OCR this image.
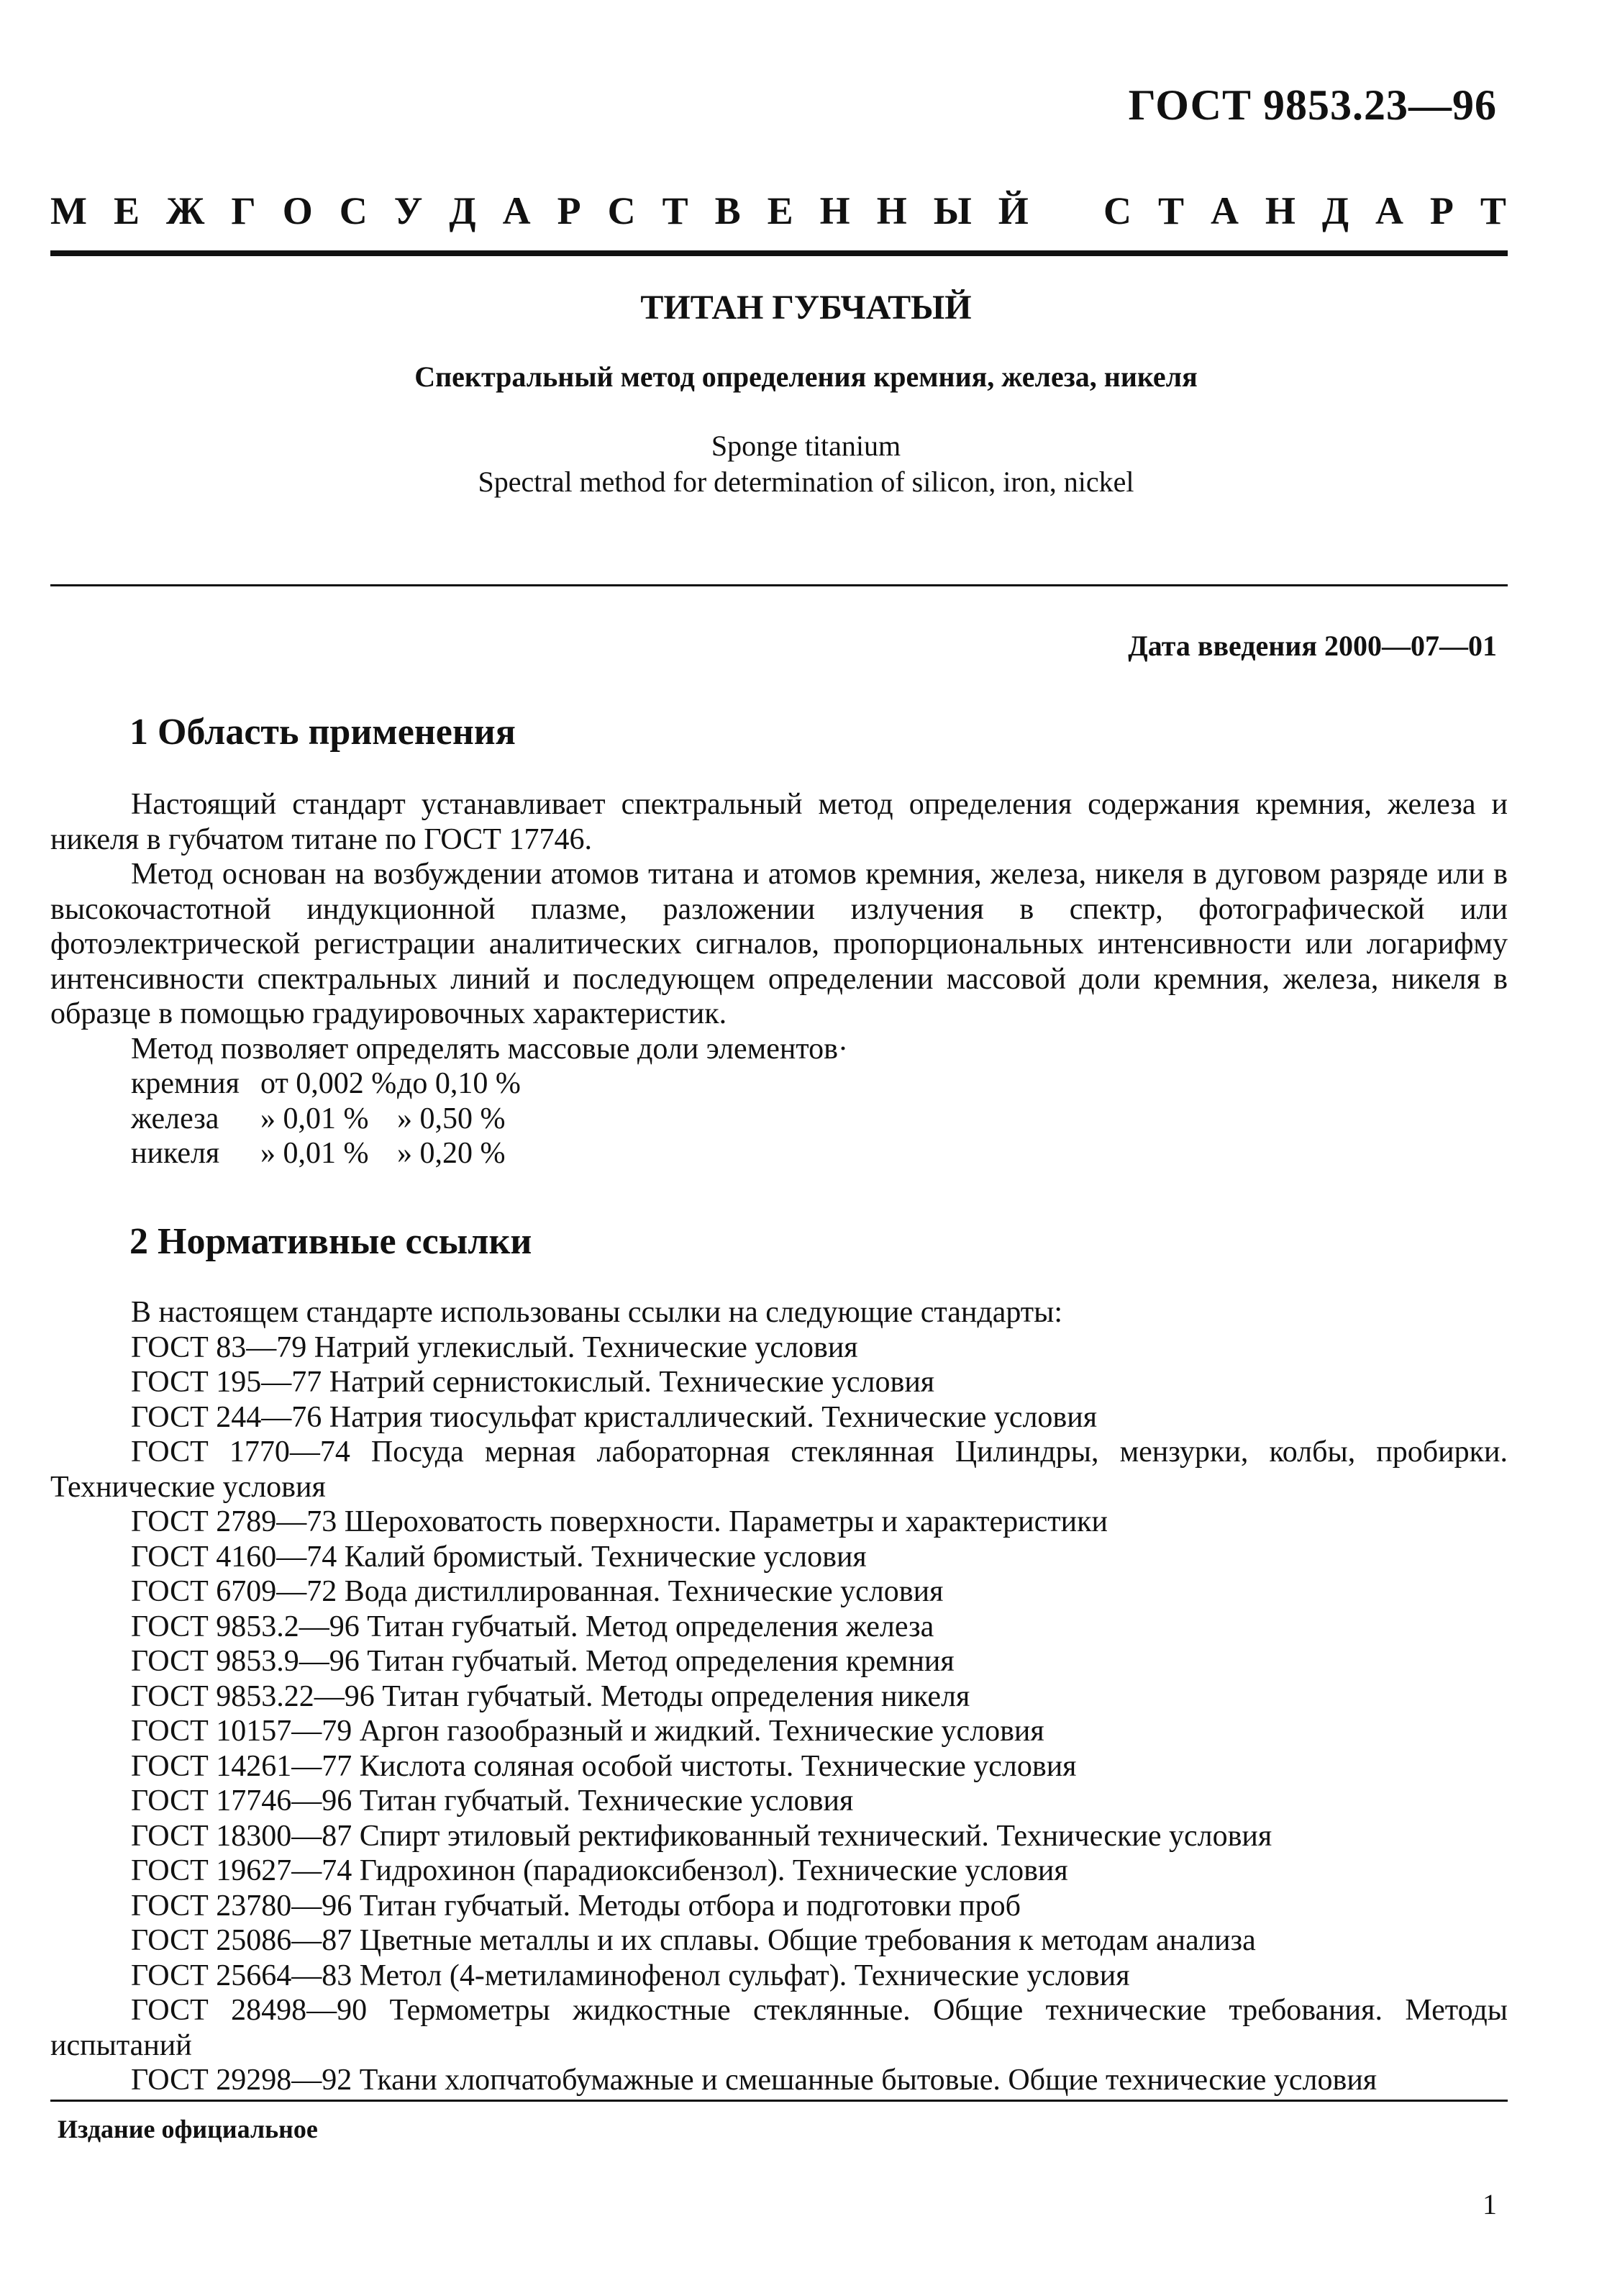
ГОСТ 9853.23—96
М Е Ж Г О С У Д А Р С Т В Е Н Н Ы Й С Т А Н Д А Р Т
ТИТАН ГУБЧАТЫЙ
Спектральный метод определения кремния, железа, никеля
Sponge titanium
Spectral method for determination of silicon, iron, nickel
Дата введения 2000—07—01
1 Область применения

Настоящий стандарт устанавливает спектральный метод определения содержания кремния, железа и никеля в губчатом титане по ГОСТ 17746.

Метод основан на возбуждении атомов титана и атомов кремния, железа, никеля в дуговом разряде или в высокочастотной индукционной плазме, разложении излучения в спектр, фотографической или фотоэлектрической регистрации аналитических сигналов, пропорциональных интенсивности или логарифму интенсивности спектральных линий и последующем определении массовой доли кремния, железа, никеля в образце в помощью градуировочных характеристик.

Метод позволяет определять массовые доли элементов·

кремния от 0,002 % до 0,10 %
железа	» 0,01 % » 0,50 %
никеля	» 0,01 % » 0,20 %
2 Нормативные ссылки

В настоящем стандарте использованы ссылки на следующие стандарты:

ГОСТ 83—79 Натрий углекислый. Технические условия

ГОСТ 195—77 Натрий сернистокислый. Технические условия

ГОСТ 244—76 Натрия тиосульфат кристаллический. Технические условия

ГОСТ 1770—74 Посуда мерная лабораторная стеклянная Цилиндры, мензурки, колбы, пробирки. Технические условия

ГОСТ 2789—73 Шероховатость поверхности. Параметры и характеристики

ГОСТ 4160—74 Калий бромистый. Технические условия

ГОСТ 6709—72 Вода дистиллированная. Технические условия

ГОСТ 9853.2—96 Титан губчатый. Метод определения железа

ГОСТ 9853.9—96 Титан губчатый. Метод определения кремния

ГОСТ 9853.22—96 Титан губчатый. Методы определения никеля

ГОСТ 10157—79 Аргон газообразный и жидкий. Технические условия

ГОСТ 14261—77 Кислота соляная особой чистоты. Технические условия

ГОСТ 17746—96 Титан губчатый. Технические условия

ГОСТ 18300—87 Спирт этиловый ректификованный технический. Технические условия

ГОСТ 19627—74 Гидрохинон (парадиоксибензол). Технические условия

ГОСТ 23780—96 Титан губчатый. Методы отбора и подготовки проб

ГОСТ 25086—87 Цветные металлы и их сплавы. Общие требования к методам анализа

ГОСТ 25664—83 Метол (4-метиламинофенол сульфат). Технические условия

ГОСТ 28498—90 Термометры жидкостные стеклянные. Общие технические требования. Методы испытаний

ГОСТ 29298—92 Ткани хлопчатобумажные и смешанные бытовые. Общие технические условия

Издание официальное
1
